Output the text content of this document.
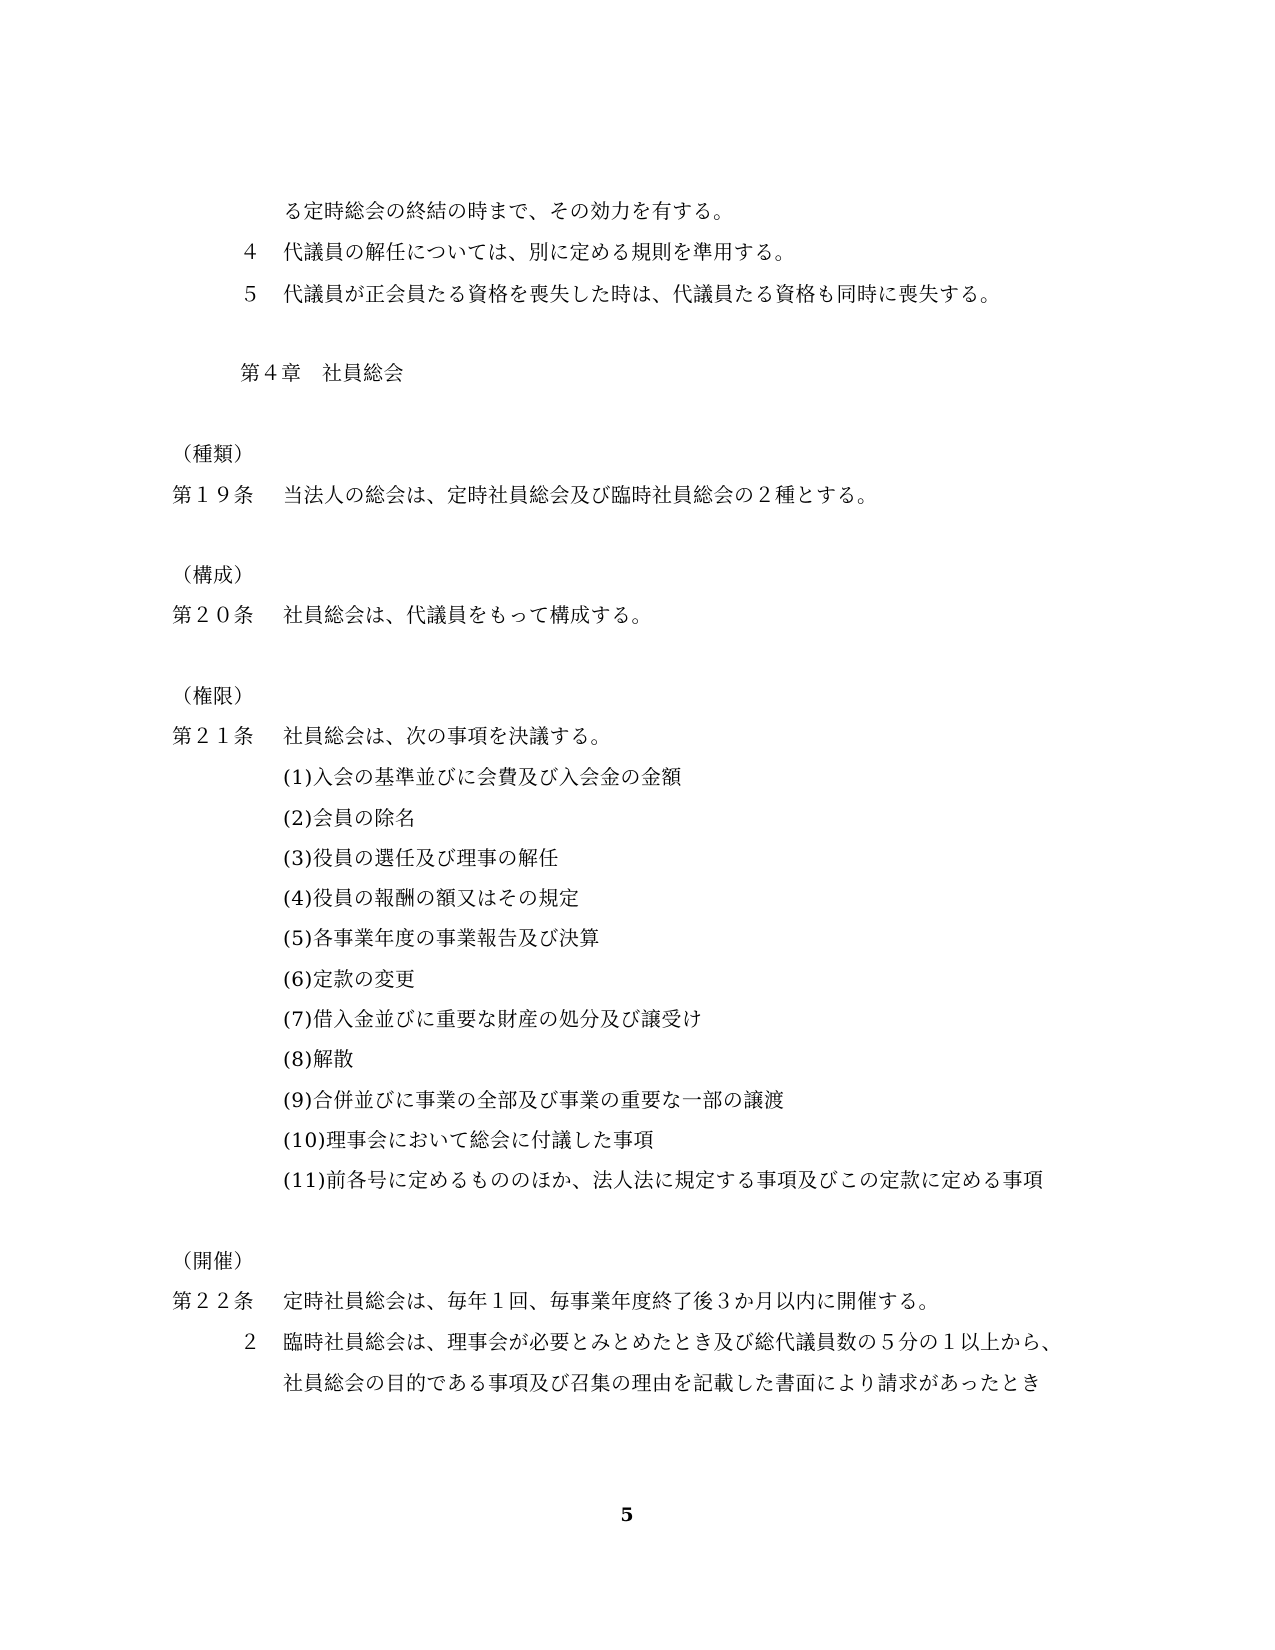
る定時総会の終結の時まで、その効力を有する。

４ 代議員の解任については、別に定める規則を準用する。

５ 代議員が正会員たる資格を喪失した時は、代議員たる資格も同時に喪失する。

第４章　社員総会

（種類）

第１９条 当法人の総会は、定時社員総会及び臨時社員総会の２種とする。

（構成）

第２０条 社員総会は、代議員をもって構成する。

（権限）

第２１条 社員総会は、次の事項を決議する。

(1)入会の基準並びに会費及び入会金の金額

(2)会員の除名

(3)役員の選任及び理事の解任

(4)役員の報酬の額又はその規定

(5)各事業年度の事業報告及び決算

(6)定款の変更

(7)借入金並びに重要な財産の処分及び譲受け

(8)解散

(9)合併並びに事業の全部及び事業の重要な一部の譲渡

(10)理事会において総会に付議した事項

(11)前各号に定めるもののほか、法人法に規定する事項及びこの定款に定める事項

（開催）

第２２条 定時社員総会は、毎年１回、毎事業年度終了後３か月以内に開催する。

２ 臨時社員総会は、理事会が必要とみとめたとき及び総代議員数の５分の１以上から、

社員総会の目的である事項及び召集の理由を記載した書面により請求があったとき

5
